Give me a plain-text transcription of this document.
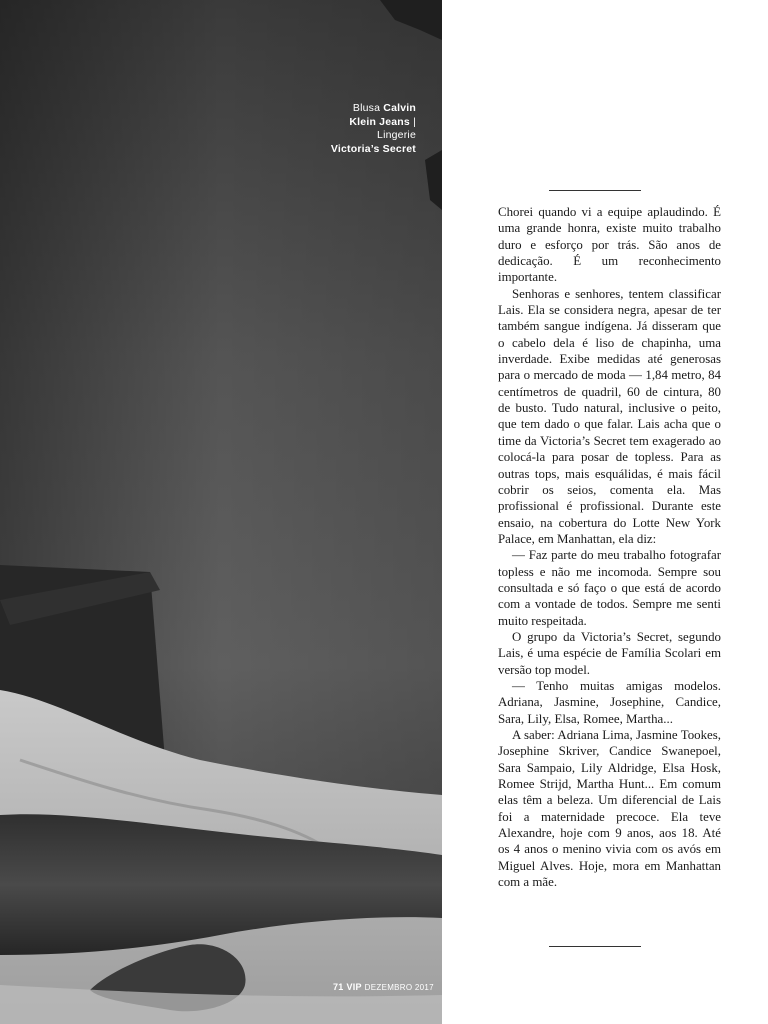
Blusa Calvin Klein Jeans | Lingerie Victoria’s Secret
71 VIP DEZEMBRO 2017

Chorei quando vi a equipe aplaudindo. É uma grande honra, existe muito trabalho duro e esforço por trás. São anos de dedicação. É um reconhecimento importante.

Senhoras e senhores, tentem classificar Lais. Ela se considera negra, apesar de ter também sangue indígena. Já disseram que o cabelo dela é liso de chapinha, uma inverdade. Exibe medidas até generosas para o mercado de moda — 1,84 metro, 84 centímetros de quadril, 60 de cintura, 80 de busto. Tudo natural, inclusive o peito, que tem dado o que falar. Lais acha que o time da Victoria’s Secret tem exagerado ao colocá-la para posar de topless. Para as outras tops, mais esquálidas, é mais fácil cobrir os seios, comenta ela. Mas profissional é profissional. Durante este ensaio, na cobertura do Lotte New York Palace, em Manhattan, ela diz:

— Faz parte do meu trabalho fotografar topless e não me incomoda. Sempre sou consultada e só faço o que está de acordo com a vontade de todos. Sempre me senti muito respeitada.

O grupo da Victoria’s Secret, segundo Lais, é uma espécie de Família Scolari em versão top model.

— Tenho muitas amigas modelos. Adriana, Jasmine, Josephine, Candice, Sara, Lily, Elsa, Romee, Martha...

A saber: Adriana Lima, Jasmine Tookes, Josephine Skriver, Candice Swanepoel, Sara Sampaio, Lily Aldridge, Elsa Hosk, Romee Strijd, Martha Hunt... Em comum elas têm a beleza. Um diferencial de Lais foi a maternidade precoce. Ela teve Alexandre, hoje com 9 anos, aos 18. Até os 4 anos o menino vivia com os avós em Miguel Alves. Hoje, mora em Manhattan com a mãe.
